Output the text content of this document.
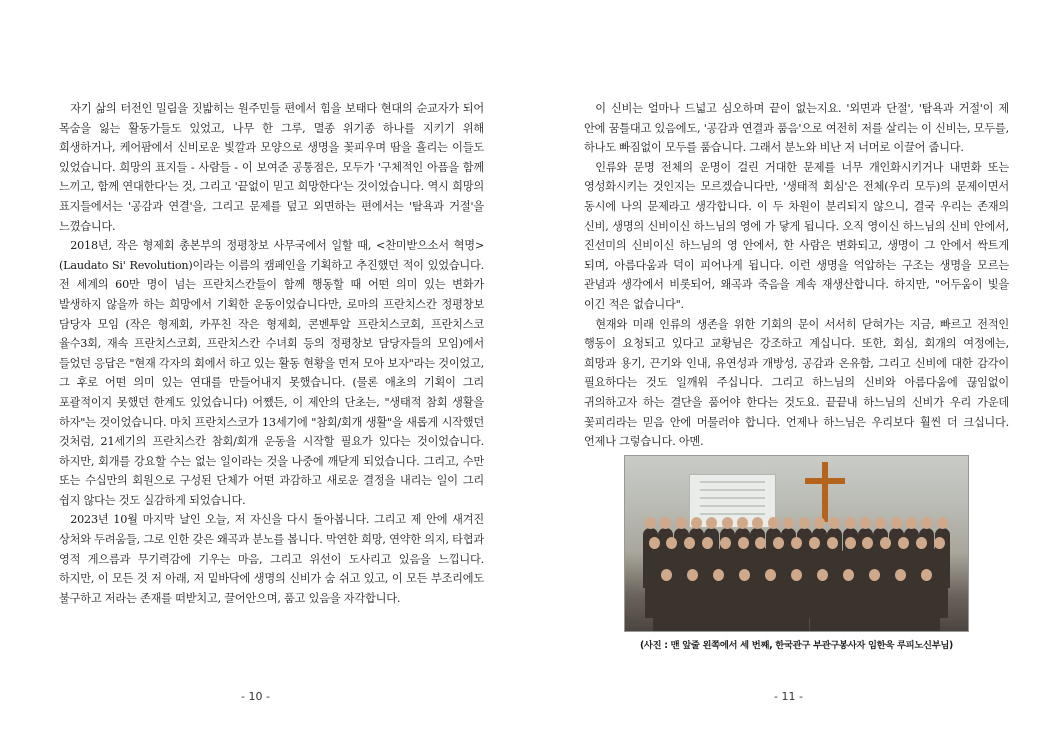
자기 삶의 터전인 밀림을 짓밟히는 원주민들 편에서 힘을 보태다 현대의 순교자가 되어 목숨을 잃는 활동가들도 있었고, 나무 한 그루, 멸종 위기종 하나를 지키기 위해 희생하거나, 케어팜에서 신비로운 빛깔과 모양으로 생명을 꽃피우며 땀을 흘리는 이들도 있었습니다. 희망의 표지들 - 사람들 - 이 보여준 공통점은, 모두가 '구체적인 아픔을 함께 느끼고, 함께 연대한다'는 것, 그리고 '끝없이 믿고 희망한다'는 것이었습니다. 역시 희망의 표지들에서는 '공감과 연결'을, 그리고 문제를 덮고 외면하는 편에서는 '탐욕과 거절'을 느꼈습니다.

2018년, 작은 형제회 총본부의 정평창보 사무국에서 일할 때, <찬미받으소서 혁명>(Laudato Si' Revolution)이라는 이름의 캠페인을 기획하고 추진했던 적이 있었습니다. 전 세계의 60만 명이 넘는 프란치스칸들이 함께 행동할 때 어떤 의미 있는 변화가 발생하지 않을까 하는 희망에서 기획한 운동이었습니다만, 로마의 프란치스칸 정평창보 담당자 모임 (작은 형제회, 카푸친 작은 형제회, 콘벤투알 프란치스코회, 프란치스코 율수3회, 재속 프란치스코회, 프란치스칸 수녀회 등의 정평창보 담당자들의 모임)에서 들었던 응답은 "현재 각자의 회에서 하고 있는 활동 현황을 먼저 모아 보자"라는 것이었고, 그 후로 어떤 의미 있는 연대를 만들어내지 못했습니다. (물론 애초의 기획이 그리 포괄적이지 못했던 한계도 있었습니다) 어쨌든, 이 제안의 단초는, "생태적 참회 생활을 하자"는 것이었습니다. 마치 프란치스코가 13세기에 "참회/회개 생활"을 새롭게 시작했던 것처럼, 21세기의 프란치스칸 참회/회개 운동을 시작할 필요가 있다는 것이었습니다. 하지만, 회개를 강요할 수는 없는 일이라는 것을 나중에 깨닫게 되었습니다. 그리고, 수만 또는 수십만의 회원으로 구성된 단체가 어떤 과감하고 새로운 결정을 내리는 일이 그리 쉽지 않다는 것도 실감하게 되었습니다.

2023년 10월 마지막 날인 오늘, 저 자신을 다시 돌아봅니다. 그리고 제 안에 새겨진 상처와 두려움들, 그로 인한 갖은 왜곡과 분노를 봅니다. 막연한 희망, 연약한 의지, 타협과 영적 게으름과 무기력감에 기우는 마음, 그리고 위선이 도사리고 있음을 느낍니다. 하지만, 이 모든 것 저 아래, 저 밑바닥에 생명의 신비가 숨 쉬고 있고, 이 모든 부조리에도 불구하고 저라는 존재를 떠받치고, 끌어안으며, 품고 있음을 자각합니다.

- 10 -

이 신비는 얼마나 드넓고 심오하며 끝이 없는지요. '외면과 단절', '탐욕과 거절'이 제 안에 꿈틀대고 있음에도, '공감과 연결과 품음'으로 여전히 저를 살리는 이 신비는, 모두를, 하나도 빠짐없이 모두를 품습니다. 그래서 분노와 비난 저 너머로 이끌어 줍니다.

인류와 문명 전체의 운명이 걸린 거대한 문제를 너무 개인화시키거나 내면화 또는 영성화시키는 것인지는 모르겠습니다만, '생태적 회심'은 전체(우리 모두)의 문제이면서 동시에 나의 문제라고 생각합니다. 이 두 차원이 분리되지 않으니, 결국 우리는 존재의 신비, 생명의 신비이신 하느님의 영에 가 닿게 됩니다. 오직 영이신 하느님의 신비 안에서, 진선미의 신비이신 하느님의 영 안에서, 한 사람은 변화되고, 생명이 그 안에서 싹트게 되며, 아름다움과 덕이 피어나게 됩니다. 이런 생명을 억압하는 구조는 생명을 모르는 관념과 생각에서 비롯되어, 왜곡과 죽음을 계속 재생산합니다. 하지만, "어두움이 빛을 이긴 적은 없습니다".

현재와 미래 인류의 생존을 위한 기회의 문이 서서히 닫혀가는 지금, 빠르고 전적인 행동이 요청되고 있다고 교황님은 강조하고 계십니다. 또한, 회심, 회개의 여정에는, 희망과 용기, 끈기와 인내, 유연성과 개방성, 공감과 온유함, 그리고 신비에 대한 감각이 필요하다는 것도 일깨워 주십니다. 그리고 하느님의 신비와 아름다움에 끊임없이 귀의하고자 하는 결단을 품어야 한다는 것도요. 끝끝내 하느님의 신비가 우리 가운데 꽃피리라는 믿음 안에 머물러야 합니다. 언제나 하느님은 우리보다 훨씬 더 크십니다. 언제나 그렇습니다. 아멘.

(사진 : 맨 앞줄 왼쪽에서 세 번째, 한국관구 부관구봉사자 임한욱 루피노신부님)
- 11 -
